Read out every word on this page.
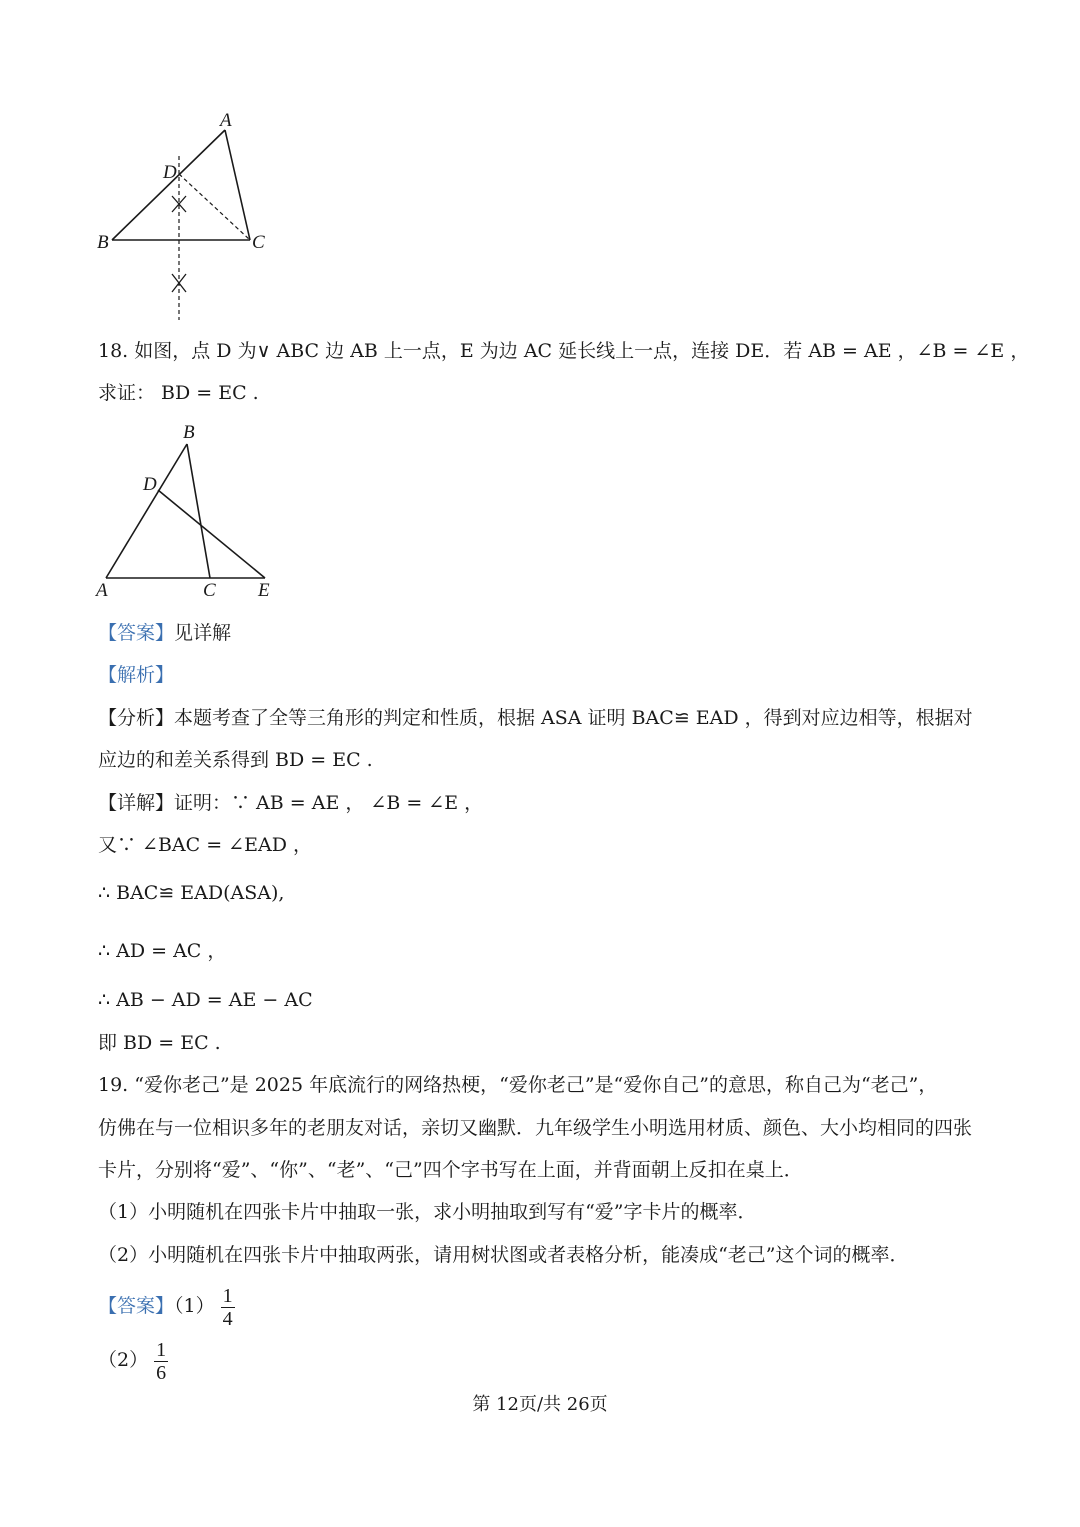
A
D
B	C
18. 如图，点 D 为∨ ABC 边 AB 上一点，E 为边 AC 延长线上一点，连接 DE．若 AB = AE ，∠B = ∠E ，
求证： BD = EC .
B
D
A	C E
【答案】见详解
【解析】
【分析】本题考查了全等三角形的判定和性质，根据 ASA 证明 BAC≌ EAD ，得到对应边相等，根据对
应边的和差关系得到 BD = EC .
【详解】证明：∵ AB = AE ， ∠B = ∠E ，
又∵ ∠BAC = ∠EAD ，
∴ BAC≌ EAD(ASA),
∴ AD = AC ，
∴ AB − AD = AE − AC
即 BD = EC .
19. “爱你老己”是 2025 年底流行的网络热梗，“爱你老己”是“爱你自己”的意思，称自己为“老己”，
仿佛在与一位相识多年的老朋友对话，亲切又幽默．九年级学生小明选用材质、颜色、大小均相同的四张
卡片，分别将“爱”、“你”、“老”、“己”四个字书写在上面，并背面朝上反扣在桌上．
（1）小明随机在四张卡片中抽取一张，求小明抽取到写有“爱”字卡片的概率．
（2）小明随机在四张卡片中抽取两张，请用树状图或者表格分析，能凑成“老己”这个词的概率．
【答案】$(1) \frac{1}{4}$
$(2) \frac{1}{6}$
第 12页/共 26页
